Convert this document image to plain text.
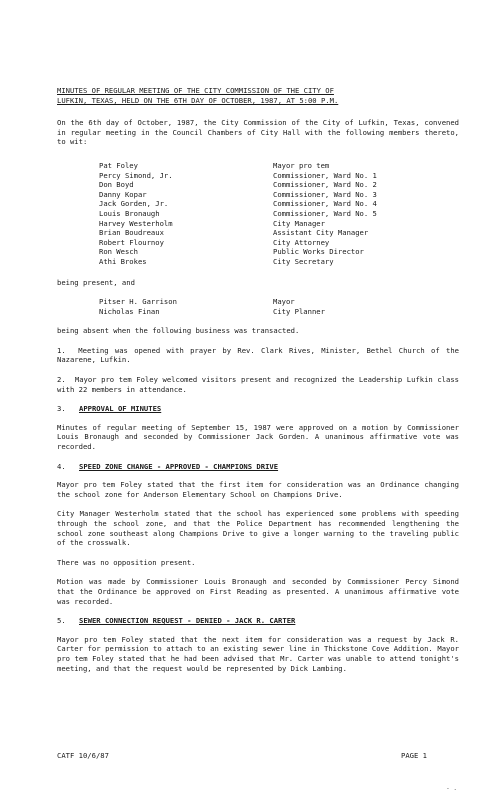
MINUTES OF REGULAR MEETING OF THE CITY COMMISSION OF THE CITY OF
LUFKIN, TEXAS, HELD ON THE 6TH DAY OF OCTOBER, 1987, AT 5:00 P.M.

On the 6th day of October, 1987, the City Commission of the City of Lufkin, Texas, convened in regular meeting in the Council Chambers of City Hall with the following members thereto, to wit:

Pat Foley	Mayor pro tem
Percy Simond, Jr.	Commissioner, Ward No. 1
Don Boyd	Commissioner, Ward No. 2
Danny Kopar	Commissioner, Ward No. 3
Jack Gorden, Jr.	Commissioner, Ward No. 4
Louis Bronaugh	Commissioner, Ward No. 5
Harvey Westerholm	City Manager
Brian Boudreaux	Assistant City Manager
Robert Flournoy	City Attorney
Ron Wesch	Public Works Director
Athi Brokes	City Secretary

being present, and

Pitser H. Garrison	Mayor
Nicholas Finan	City Planner

being absent when the following business was transacted.

1. Meeting was opened with prayer by Rev. Clark Rives, Minister, Bethel Church of the Nazarene, Lufkin.

2. Mayor pro tem Foley welcomed visitors present and recognized the Leadership Lufkin class with 22 members in attendance.

3. APPROVAL OF MINUTES

Minutes of regular meeting of September 15, 1987 were approved on a motion by Commissioner Louis Bronaugh and seconded by Commissioner Jack Gorden. A unanimous affirmative vote was recorded.

4. SPEED ZONE CHANGE - APPROVED - CHAMPIONS DRIVE

Mayor pro tem Foley stated that the first item for consideration was an Ordinance changing the school zone for Anderson Elementary School on Champions Drive.

City Manager Westerholm stated that the school has experienced some problems with speeding through the school zone, and that the Police Department has recommended lengthening the school zone southeast along Champions Drive to give a longer warning to the traveling public of the crosswalk.

There was no opposition present.

Motion was made by Commissioner Louis Bronaugh and seconded by Commissioner Percy Simond that the Ordinance be approved on First Reading as presented. A unanimous affirmative vote was recorded.

5. SEWER CONNECTION REQUEST - DENIED - JACK R. CARTER

Mayor pro tem Foley stated that the next item for consideration was a request by Jack R. Carter for permission to attach to an existing sewer line in Thickstone Cove Addition. Mayor pro tem Foley stated that he had been advised that Mr. Carter was unable to attend tonight's meeting, and that the request would be represented by Dick Lambing.

CATF 10/6/87	PAGE 1
- .
